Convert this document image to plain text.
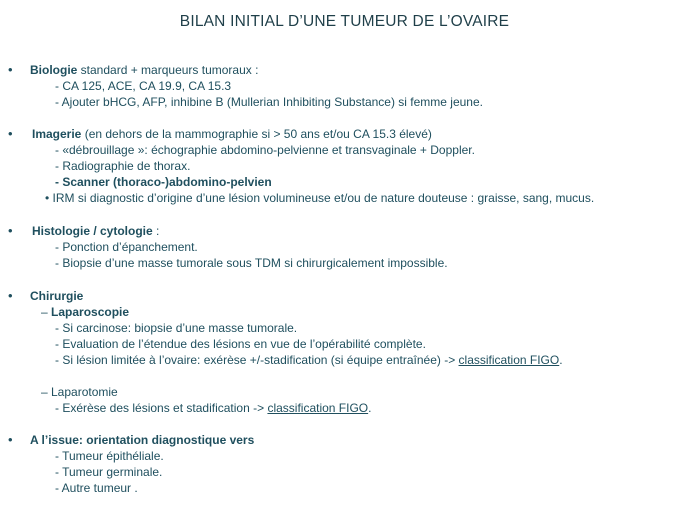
BILAN INITIAL D’UNE TUMEUR DE L’OVAIRE
• Biologie standard + marqueurs tumoraux :
- CA 125, ACE, CA 19.9, CA 15.3
- Ajouter bHCG, AFP, inhibine B (Mullerian Inhibiting Substance) si femme jeune.
• Imagerie (en dehors de la mammographie si > 50 ans et/ou CA 15.3 élevé)
- «débrouillage »: échographie abdomino-pelvienne et transvaginale + Doppler.
- Radiographie de thorax.
- Scanner (thoraco-)abdomino-pelvien
• IRM si diagnostic d’origine d’une lésion volumineuse et/ou de nature douteuse : graisse, sang, mucus.
• Histologie / cytologie :
- Ponction d’épanchement.
- Biopsie d’une masse tumorale sous TDM si chirurgicalement impossible.
• Chirurgie
– Laparoscopie
- Si carcinose: biopsie d’une masse tumorale.
- Evaluation de l’étendue des lésions en vue de l’opérabilité complète.
- Si lésion limitée à l’ovaire: exérèse +/-stadification (si équipe entraînée) -> classification FIGO.
– Laparotomie
- Exérèse des lésions et stadification -> classification FIGO.
• A l’issue: orientation diagnostique vers
- Tumeur épithéliale.
- Tumeur germinale.
- Autre tumeur .
